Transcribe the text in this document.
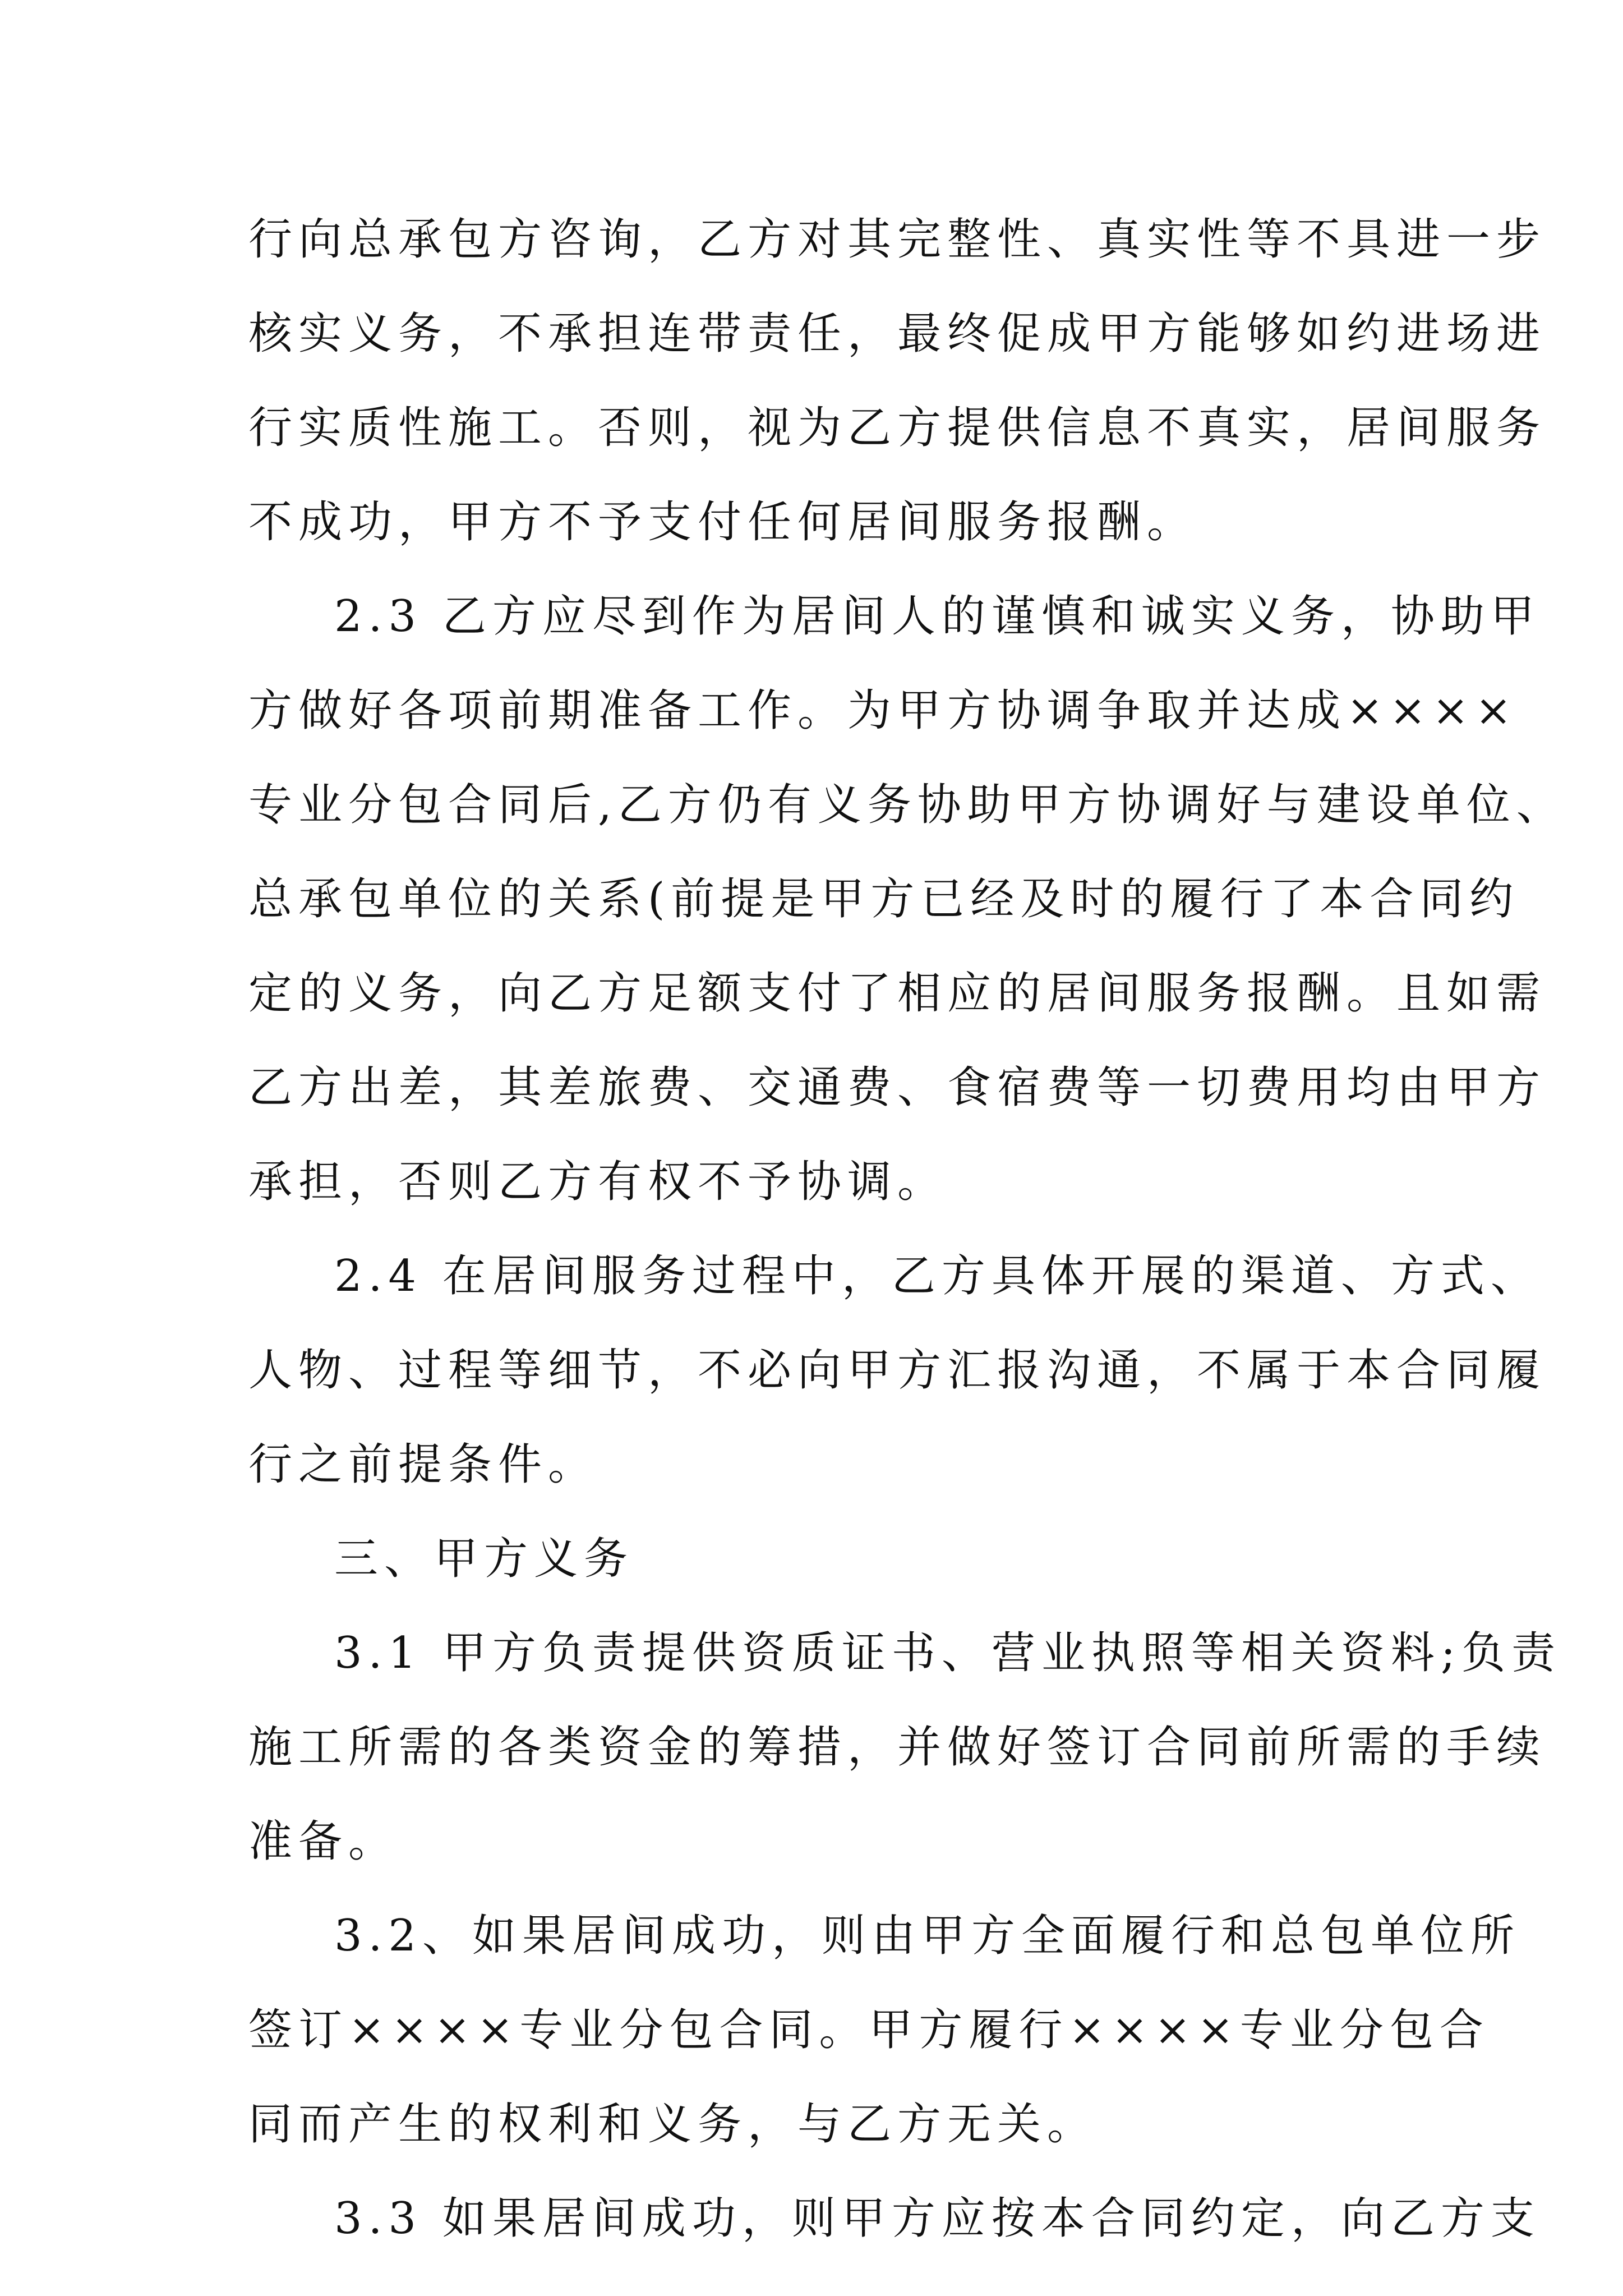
行向总承包方咨询，乙方对其完整性、真实性等不具进一步
核实义务，不承担连带责任，最终促成甲方能够如约进场进
行实质性施工。否则，视为乙方提供信息不真实，居间服务
不成功，甲方不予支付任何居间服务报酬。
2.3 乙方应尽到作为居间人的谨慎和诚实义务，协助甲
方做好各项前期准备工作。为甲方协调争取并达成××××
专业分包合同后,乙方仍有义务协助甲方协调好与建设单位、
总承包单位的关系(前提是甲方已经及时的履行了本合同约
定的义务，向乙方足额支付了相应的居间服务报酬。且如需
乙方出差，其差旅费、交通费、食宿费等一切费用均由甲方
承担，否则乙方有权不予协调。
2.4 在居间服务过程中，乙方具体开展的渠道、方式、
人物、过程等细节，不必向甲方汇报沟通，不属于本合同履
行之前提条件。
三、甲方义务
3.1 甲方负责提供资质证书、营业执照等相关资料;负责
施工所需的各类资金的筹措，并做好签订合同前所需的手续
准备。
3.2、如果居间成功，则由甲方全面履行和总包单位所
签订××××专业分包合同。甲方履行××××专业分包合
同而产生的权利和义务，与乙方无关。
3.3 如果居间成功，则甲方应按本合同约定，向乙方支
